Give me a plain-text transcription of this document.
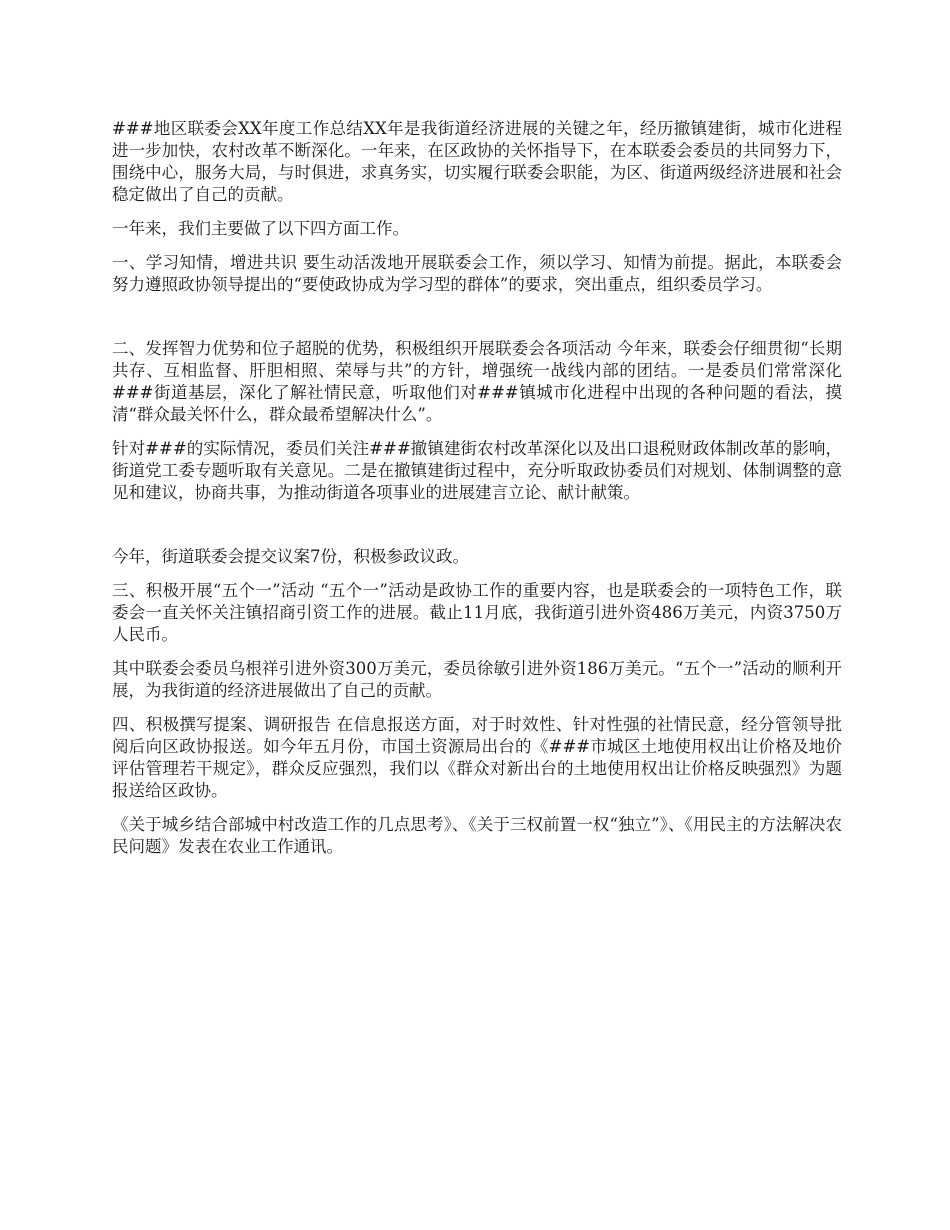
###地区联委会XX年度工作总结XX年是我街道经济进展的关键之年，经历撤镇建街，城市化进程进一步加快，农村改革不断深化。一年来，在区政协的关怀指导下，在本联委会委员的共同努力下，围绕中心，服务大局，与时俱进，求真务实，切实履行联委会职能，为区、街道两级经济进展和社会稳定做出了自己的贡献。

一年来，我们主要做了以下四方面工作。

一、学习知情，增进共识 要生动活泼地开展联委会工作，须以学习、知情为前提。据此，本联委会努力遵照政协领导提出的“要使政协成为学习型的群体”的要求，突出重点，组织委员学习。

二、发挥智力优势和位子超脱的优势，积极组织开展联委会各项活动 今年来，联委会仔细贯彻“长期共存、互相监督、肝胆相照、荣辱与共”的方针，增强统一战线内部的团结。一是委员们常常深化###街道基层，深化了解社情民意，听取他们对###镇城市化进程中出现的各种问题的看法，摸清“群众最关怀什么，群众最希望解决什么”。

针对###的实际情况，委员们关注###撤镇建街农村改革深化以及出口退税财政体制改革的影响，街道党工委专题听取有关意见。二是在撤镇建街过程中，充分听取政协委员们对规划、体制调整的意见和建议，协商共事，为推动街道各项事业的进展建言立论、献计献策。

今年，街道联委会提交议案7份，积极参政议政。

三、积极开展“五个一”活动 “五个一”活动是政协工作的重要内容，也是联委会的一项特色工作，联委会一直关怀关注镇招商引资工作的进展。截止11月底，我街道引进外资486万美元，内资3750万人民币。

其中联委会委员乌根祥引进外资300万美元，委员徐敏引进外资186万美元。“五个一”活动的顺利开展，为我街道的经济进展做出了自己的贡献。

四、积极撰写提案、调研报告 在信息报送方面，对于时效性、针对性强的社情民意，经分管领导批阅后向区政协报送。如今年五月份，市国土资源局出台的《###市城区土地使用权出让价格及地价评估管理若干规定》，群众反应强烈，我们以《群众对新出台的土地使用权出让价格反映强烈》为题报送给区政协。

《关于城乡结合部城中村改造工作的几点思考》、《关于三权前置一权“独立”》、《用民主的方法解决农民问题》发表在农业工作通讯。
